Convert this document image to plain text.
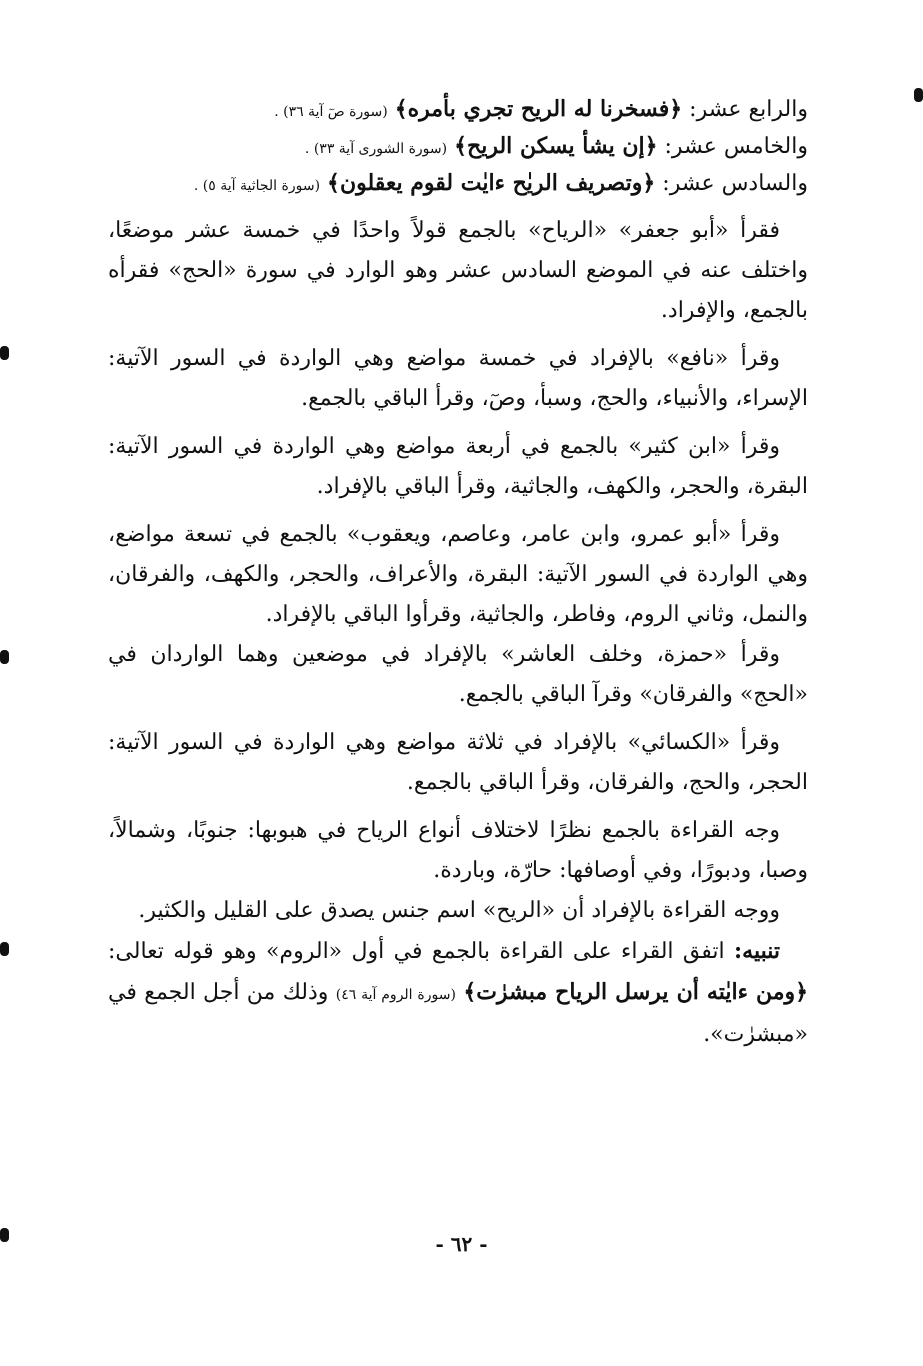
والرابع عشر: ﴿فسخرنا له الريح تجري بأمره﴾ (سورة صٓ آية ٣٦) .

والخامس عشر: ﴿إن يشأ يسكن الريح﴾ (سورة الشورى آية ٣٣) .

والسادس عشر: ﴿وتصريف الريٰح ءايٰت لقوم يعقلون﴾ (سورة الجاثية آية ٥) .

فقرأ «أبو جعفر» «الرياح» بالجمع قولاً واحدًا في خمسة عشر موضعًا، واختلف عنه في الموضع السادس عشر وهو الوارد في سورة «الحج» فقرأه بالجمع، والإفراد.

وقرأ «نافع» بالإفراد في خمسة مواضع وهي الواردة في السور الآتية: الإسراء، والأنبياء، والحج، وسبأ، وصٓ، وقرأ الباقي بالجمع.

وقرأ «ابن كثير» بالجمع في أربعة مواضع وهي الواردة في السور الآتية: البقرة، والحجر، والكهف، والجاثية، وقرأ الباقي بالإفراد.

وقرأ «أبو عمرو، وابن عامر، وعاصم، ويعقوب» بالجمع في تسعة مواضع، وهي الواردة في السور الآتية: البقرة، والأعراف، والحجر، والكهف، والفرقان، والنمل، وثاني الروم، وفاطر، والجاثية، وقرأوا الباقي بالإفراد.

وقرأ «حمزة، وخلف العاشر» بالإفراد في موضعين وهما الواردان في «الحج» والفرقان» وقرآ الباقي بالجمع.

وقرأ «الكسائي» بالإفراد في ثلاثة مواضع وهي الواردة في السور الآتية: الحجر، والحج، والفرقان، وقرأ الباقي بالجمع.

وجه القراءة بالجمع نظرًا لاختلاف أنواع الرياح في هبوبها: جنوبًا، وشمالاً، وصبا، ودبورًا، وفي أوصافها: حارّة، وباردة.

ووجه القراءة بالإفراد أن «الريح» اسم جنس يصدق على القليل والكثير.

تنبيه: اتفق القراء على القراءة بالجمع في أول «الروم» وهو قوله تعالى: ﴿ومن ءايٰته أن يرسل الرياح مبشرٰت﴾ (سورة الروم آية ٤٦) وذلك من أجل الجمع في «مبشرٰت».

- ٦٢ -
